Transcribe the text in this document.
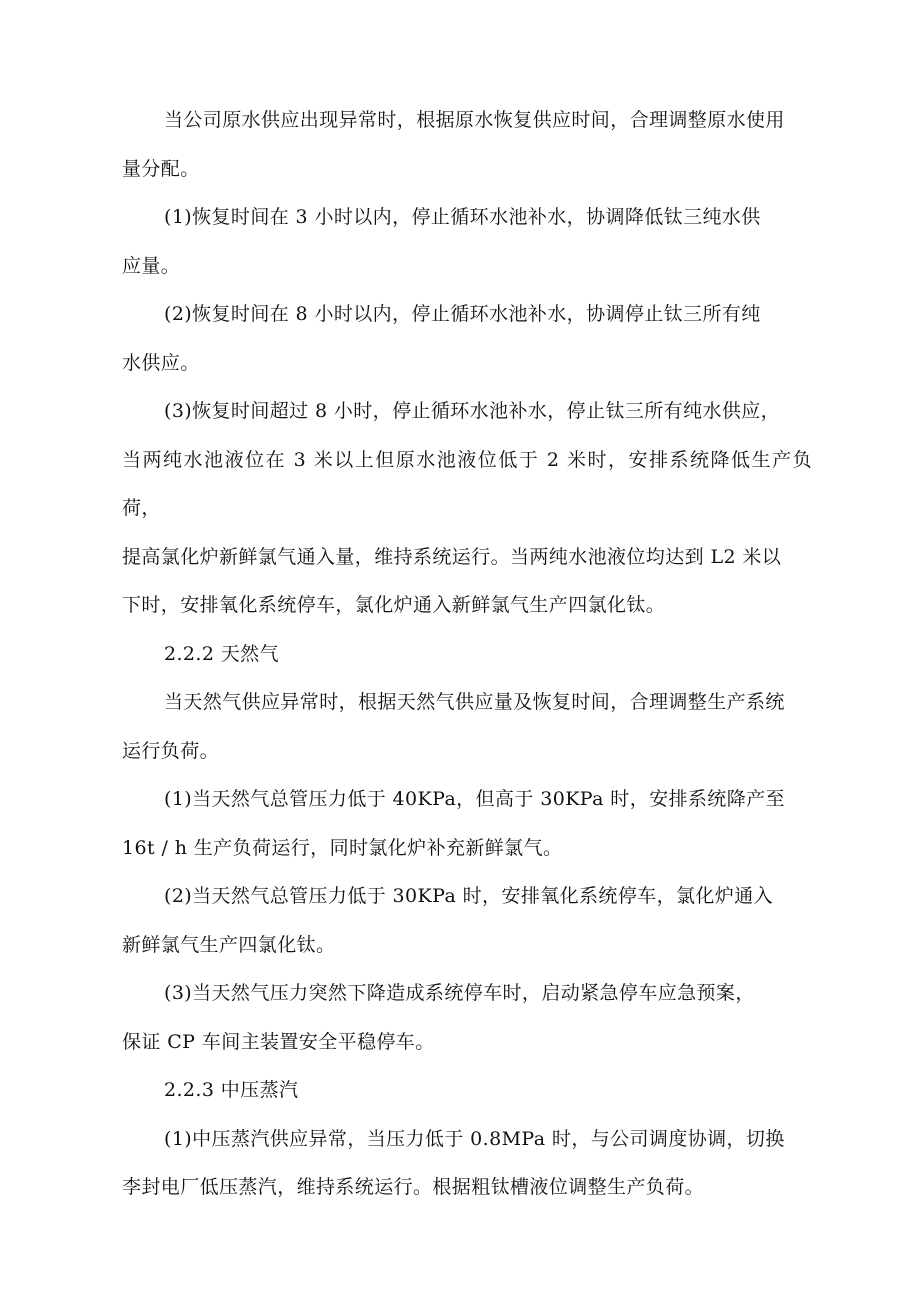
当公司原水供应出现异常时，根据原水恢复供应时间，合理调整原水使用
量分配。

(1)恢复时间在 3 小时以内，停止循环水池补水，协调降低钛三纯水供
应量。

(2)恢复时间在 8 小时以内，停止循环水池补水，协调停止钛三所有纯
水供应。

(3)恢复时间超过 8 小时，停止循环水池补水，停止钛三所有纯水供应，
当两纯水池液位在 3 米以上但原水池液位低于 2 米时，安排系统降低生产负荷，
提高氯化炉新鲜氯气通入量，维持系统运行。当两纯水池液位均达到 L2 米以
下时，安排氧化系统停车，氯化炉通入新鲜氯气生产四氯化钛。

2.2.2 天然气

当天然气供应异常时，根据天然气供应量及恢复时间，合理调整生产系统
运行负荷。

(1)当天然气总管压力低于 40KPa，但高于 30KPa 时，安排系统降产至
16t / h 生产负荷运行，同时氯化炉补充新鲜氯气。

(2)当天然气总管压力低于 30KPa 时，安排氧化系统停车，氯化炉通入
新鲜氯气生产四氯化钛。

(3)当天然气压力突然下降造成系统停车时，启动紧急停车应急预案，
保证 CP 车间主装置安全平稳停车。

2.2.3 中压蒸汽

(1)中压蒸汽供应异常，当压力低于 0.8MPa 时，与公司调度协调，切换
李封电厂低压蒸汽，维持系统运行。根据粗钛槽液位调整生产负荷。
